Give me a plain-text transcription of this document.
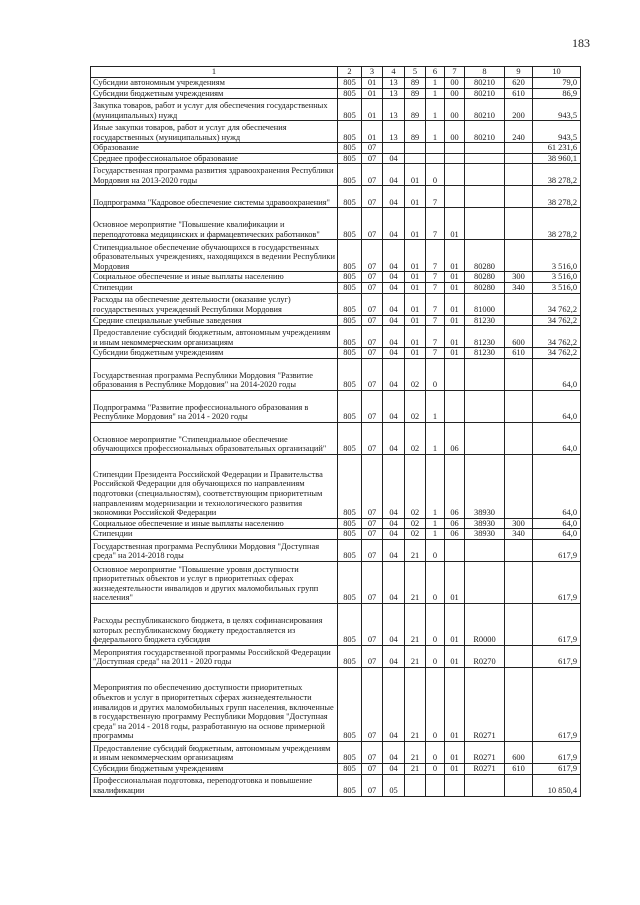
183
1	2	3	4	5	6	7	8	9	10
Субсидии автономным учреждениям	805	01	13	89	1	00	80210	620	79,0
Субсидии бюджетным учреждениям	805	01	13	89	1	00	80210	610	86,9
Закупка товаров, работ и услуг для обеспечения государственных (муниципальных) нужд	805	01	13	89	1	00	80210	200	943,5
Иные закупки товаров, работ и услуг для обеспечения государственных (муниципальных) нужд	805	01	13	89	1	00	80210	240	943,5
Образование	805	07							61 231,6
Среднее профессиональное образование	805	07	04						38 960,1
Государственная программа развития здравоохранения Республики Мордовия на 2013-2020 годы	805	07	04	01	0				38 278,2
Подпрограмма "Кадровое обеспечение системы здравоохранения"	805	07	04	01	7				38 278,2
Основное мероприятие "Повышение квалификации и переподготовка медицинских и фармацевтических работников"	805	07	04	01	7	01			38 278,2
Стипендиальное обеспечение обучающихся в государственных образовательных учреждениях, находящихся в ведении Республики Мордовия	805	07	04	01	7	01	80280		3 516,0
Социальное обеспечение и иные выплаты населению	805	07	04	01	7	01	80280	300	3 516,0
Стипендии	805	07	04	01	7	01	80280	340	3 516,0
Расходы на обеспечение деятельности (оказание услуг) государственных учреждений Республики Мордовия	805	07	04	01	7	01	81000		34 762,2
Средние специальные учебные заведения	805	07	04	01	7	01	81230		34 762,2
Предоставление субсидий бюджетным, автономным учреждениям и иным некоммерческим организациям	805	07	04	01	7	01	81230	600	34 762,2
Субсидии бюджетным учреждениям	805	07	04	01	7	01	81230	610	34 762,2
Государственная программа Республики Мордовия "Развитие образования в Республике Мордовия" на 2014-2020 годы	805	07	04	02	0				64,0
Подпрограмма "Развитие профессионального образования в Республике Мордовия" на 2014 - 2020 годы	805	07	04	02	1				64,0
Основное мероприятие "Стипендиальное обеспечение обучающихся профессиональных образовательных организаций"	805	07	04	02	1	06			64,0
Стипендии Президента Российской Федерации и Правительства Российской Федерации для обучающихся по направлениям подготовки (специальностям), соответствующим приоритетным направлениям модернизации и технологического развития экономики Российской Федерации	805	07	04	02	1	06	38930		64,0
Социальное обеспечение и иные выплаты населению	805	07	04	02	1	06	38930	300	64,0
Стипендии	805	07	04	02	1	06	38930	340	64,0
Государственная программа Республики Мордовия "Доступная среда" на 2014-2018 годы	805	07	04	21	0				617,9
Основное мероприятие "Повышение уровня доступности приоритетных объектов и услуг в приоритетных сферах жизнедеятельности инвалидов и других маломобильных групп населения"	805	07	04	21	0	01			617,9
Расходы республиканского бюджета, в целях софинансирования которых республиканскому бюджету предоставляется из федерального бюджета субсидия	805	07	04	21	0	01	R0000		617,9
Мероприятия государственной программы Российской Федерации "Доступная среда" на 2011 - 2020 годы	805	07	04	21	0	01	R0270		617,9
Мероприятия по обеспечению доступности приоритетных объектов и услуг в приоритетных сферах жизнедеятельности инвалидов и других маломобильных групп населения, включенные в государственную программу Республики Мордовия "Доступная среда" на 2014 - 2018 годы, разработанную на основе примерной программы	805	07	04	21	0	01	R0271		617,9
Предоставление субсидий бюджетным, автономным учреждениям и иным некоммерческим организациям	805	07	04	21	0	01	R0271	600	617,9
Субсидии бюджетным учреждениям	805	07	04	21	0	01	R0271	610	617,9
Профессиональная подготовка, переподготовка и повышение квалификации	805	07	05						10 850,4
